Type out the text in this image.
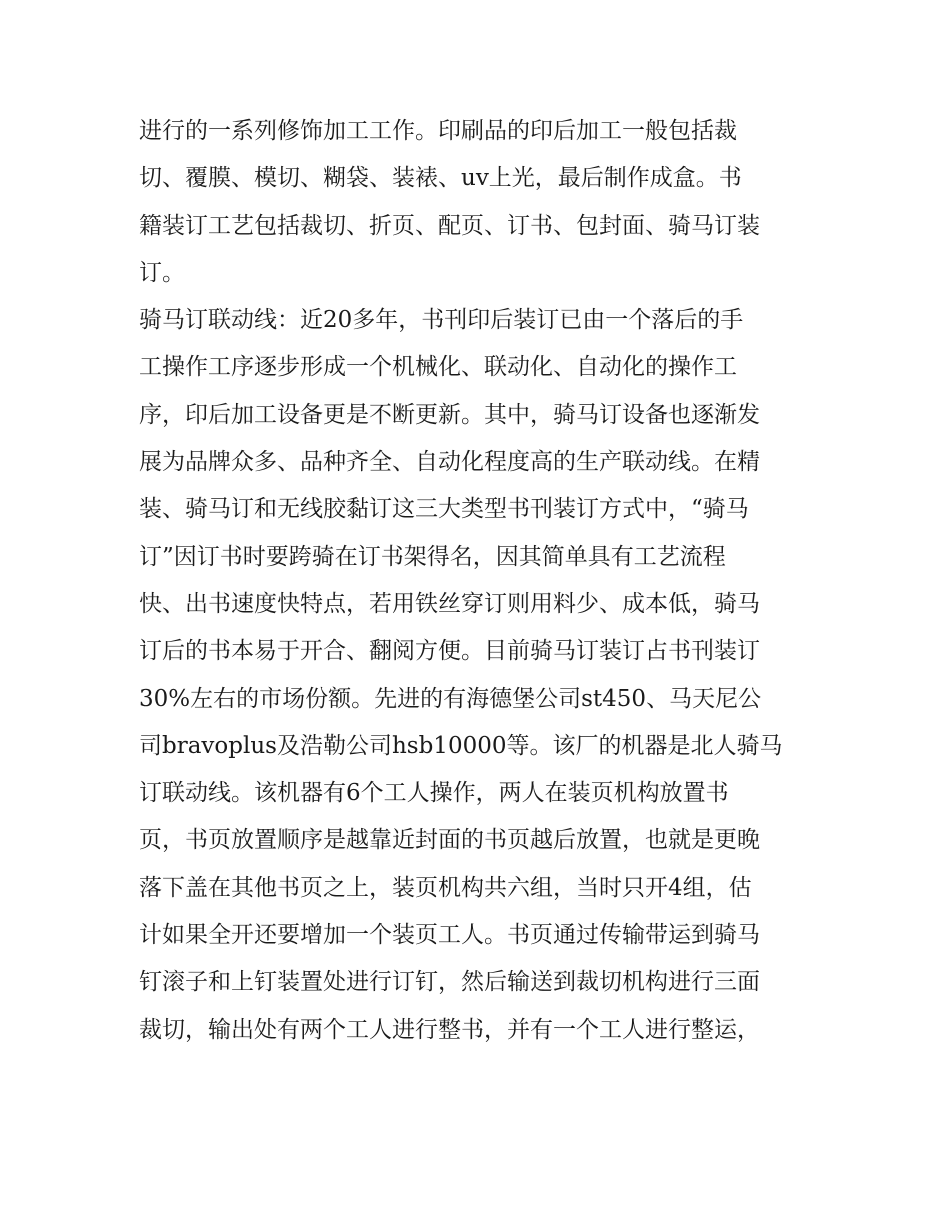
进行的一系列修饰加工工作。印刷品的印后加工一般包括裁
切、覆膜、模切、糊袋、装裱、uv上光，最后制作成盒。书
籍装订工艺包括裁切、折页、配页、订书、包封面、骑马订装
订。
骑马订联动线：近20多年，书刊印后装订已由一个落后的手
工操作工序逐步形成一个机械化、联动化、自动化的操作工
序，印后加工设备更是不断更新。其中，骑马订设备也逐渐发
展为品牌众多、品种齐全、自动化程度高的生产联动线。在精
装、骑马订和无线胶黏订这三大类型书刊装订方式中，“骑马
订”因订书时要跨骑在订书架得名，因其简单具有工艺流程
快、出书速度快特点，若用铁丝穿订则用料少、成本低，骑马
订后的书本易于开合、翻阅方便。目前骑马订装订占书刊装订
30%左右的市场份额。先进的有海德堡公司st450、马天尼公
司bravoplus及浩勒公司hsb10000等。该厂的机器是北人骑马
订联动线。该机器有6个工人操作，两人在装页机构放置书
页，书页放置顺序是越靠近封面的书页越后放置，也就是更晚
落下盖在其他书页之上，装页机构共六组，当时只开4组，估
计如果全开还要增加一个装页工人。书页通过传输带运到骑马
钉滚子和上钉装置处进行订钉，然后输送到裁切机构进行三面
裁切，输出处有两个工人进行整书，并有一个工人进行整运，
